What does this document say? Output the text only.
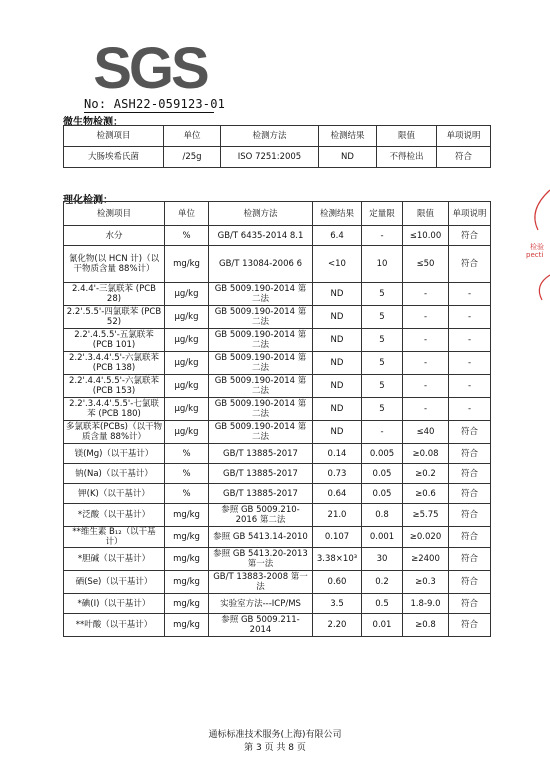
SGS
No: ASH22-059123-01
微生物检测：
检测项目	单位	检测方法	检测结果	限值	单项说明
大肠埃希氏菌	/25g	ISO 7251:2005	ND	不得检出	符合
理化检测：
检测项目	单位	检测方法	检测结果	定量限	限值	单项说明
水分	%	GB/T 6435-2014 8.1	6.4	-	≤10.00	符合
氰化物(以 HCN 计)（以干物质含量 88%计）	mg/kg	GB/T 13084-2006 6	<10	10	≤50	符合
2.4.4'-三氯联苯 (PCB 28)	µg/kg	GB 5009.190-2014 第二法	ND	5	-	-
2.2'.5.5'-四氯联苯 (PCB 52)	µg/kg	GB 5009.190-2014 第二法	ND	5	-	-
2.2'.4.5.5'-五氯联苯 (PCB 101)	µg/kg	GB 5009.190-2014 第二法	ND	5	-	-
2.2'.3.4.4'.5'-六氯联苯 (PCB 138)	µg/kg	GB 5009.190-2014 第二法	ND	5	-	-
2.2'.4.4'.5.5'-六氯联苯 (PCB 153)	µg/kg	GB 5009.190-2014 第二法	ND	5	-	-
2.2'.3.4.4'.5.5'-七氯联苯 (PCB 180)	µg/kg	GB 5009.190-2014 第二法	ND	5	-	-
多氯联苯(PCBs)（以干物质含量 88%计）	µg/kg	GB 5009.190-2014 第二法	ND	-	≤40	符合
镁(Mg)（以干基计）	%	GB/T 13885-2017	0.14	0.005	≥0.08	符合
钠(Na)（以干基计）	%	GB/T 13885-2017	0.73	0.05	≥0.2	符合
钾(K)（以干基计）	%	GB/T 13885-2017	0.64	0.05	≥0.6	符合
*泛酸（以干基计）	mg/kg	参照 GB 5009.210-2016 第二法	21.0	0.8	≥5.75	符合
**维生素 B₁₂（以干基计）	mg/kg	参照 GB 5413.14-2010	0.107	0.001	≥0.020	符合
*胆碱（以干基计）	mg/kg	参照 GB 5413.20-2013 第一法	3.38×10³	30	≥2400	符合
硒(Se)（以干基计）	mg/kg	GB/T 13883-2008 第一法	0.60	0.2	≥0.3	符合
*碘(I)（以干基计）	mg/kg	实验室方法---ICP/MS	3.5	0.5	1.8-9.0	符合
**叶酸（以干基计）	mg/kg	参照 GB 5009.211-2014	2.20	0.01	≥0.8	符合
检验
pecti
通标标准技术服务(上海)有限公司
第 3 页 共 8 页
